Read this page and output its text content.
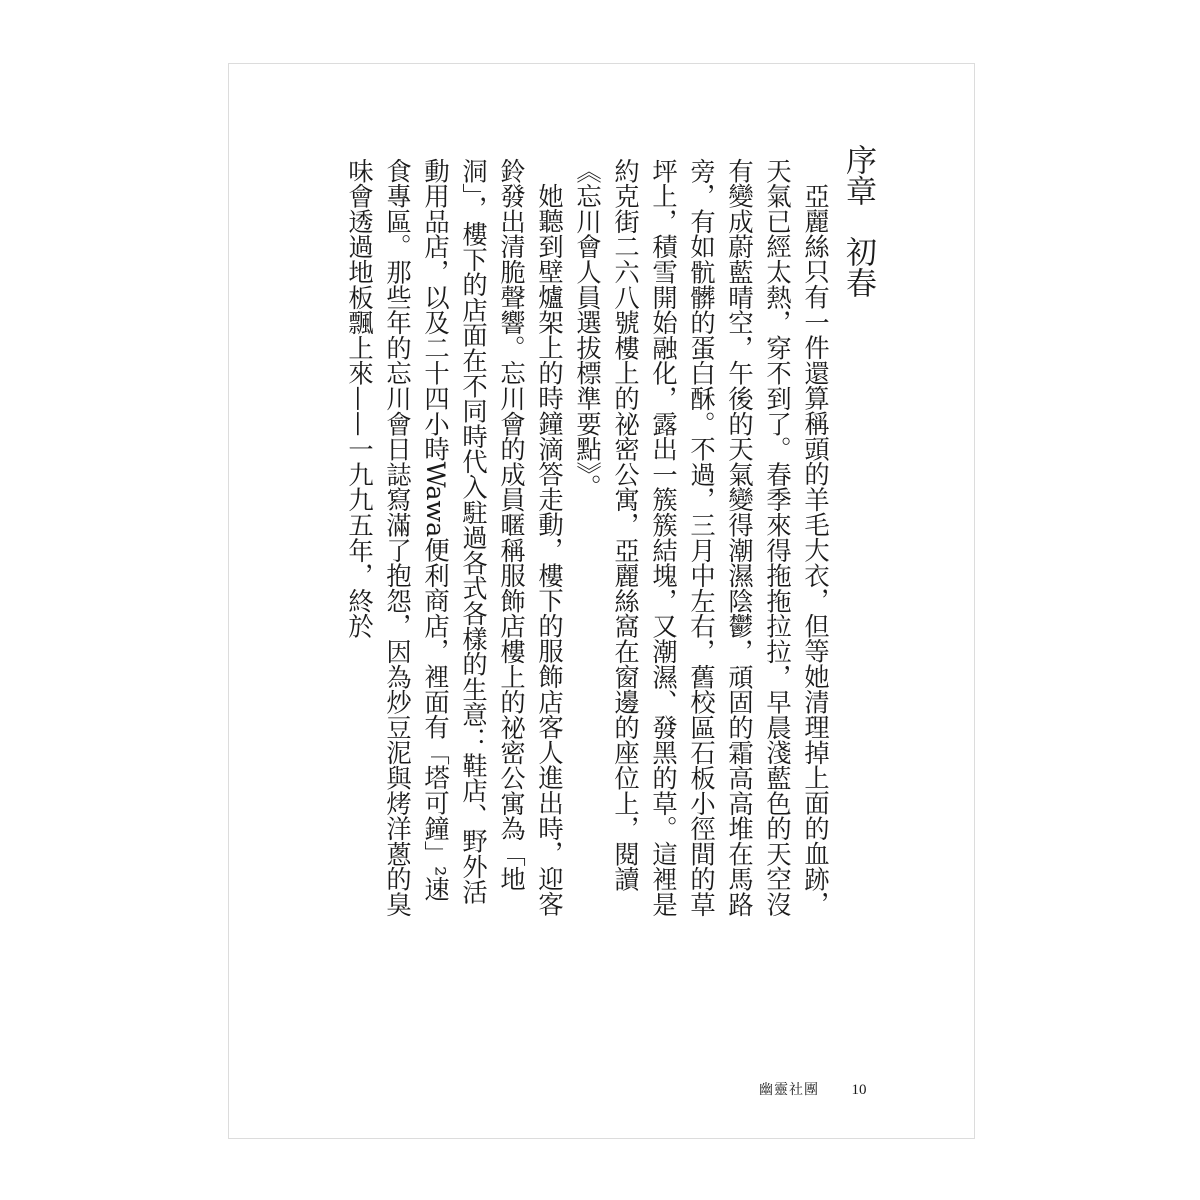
序章初春

亞麗絲只有一件還算稱頭的羊毛大衣，但等她清理掉上面的血跡，天氣已經太熱，穿不到了。春季來得拖拖拉拉，早晨淺藍色的天空沒有變成蔚藍晴空，午後的天氣變得潮濕陰鬱，頑固的霜高高堆在馬路旁，有如骯髒的蛋白酥。不過，三月中左右，舊校區石板小徑間的草坪上，積雪開始融化，露出一簇簇結塊，又潮濕、發黑的草。這裡是約克街二六八號樓上的祕密公寓，亞麗絲窩在窗邊的座位上，閱讀《忘川會人員選拔標準要點》。

她聽到壁爐架上的時鐘滴答走動，樓下的服飾店客人進出時，迎客鈴發出清脆聲響。忘川會的成員暱稱服飾店樓上的祕密公寓為「地洞」，樓下的店面在不同時代入駐過各式各樣的生意：鞋店、野外活動用品店，以及二十四小時Wawa便利商店，裡面有「塔可鐘」²速食專區。那些年的忘川會日誌寫滿了抱怨，因為炒豆泥與烤洋蔥的臭味會透過地板飄上來——一九九五年，終於

幽靈社團 10
